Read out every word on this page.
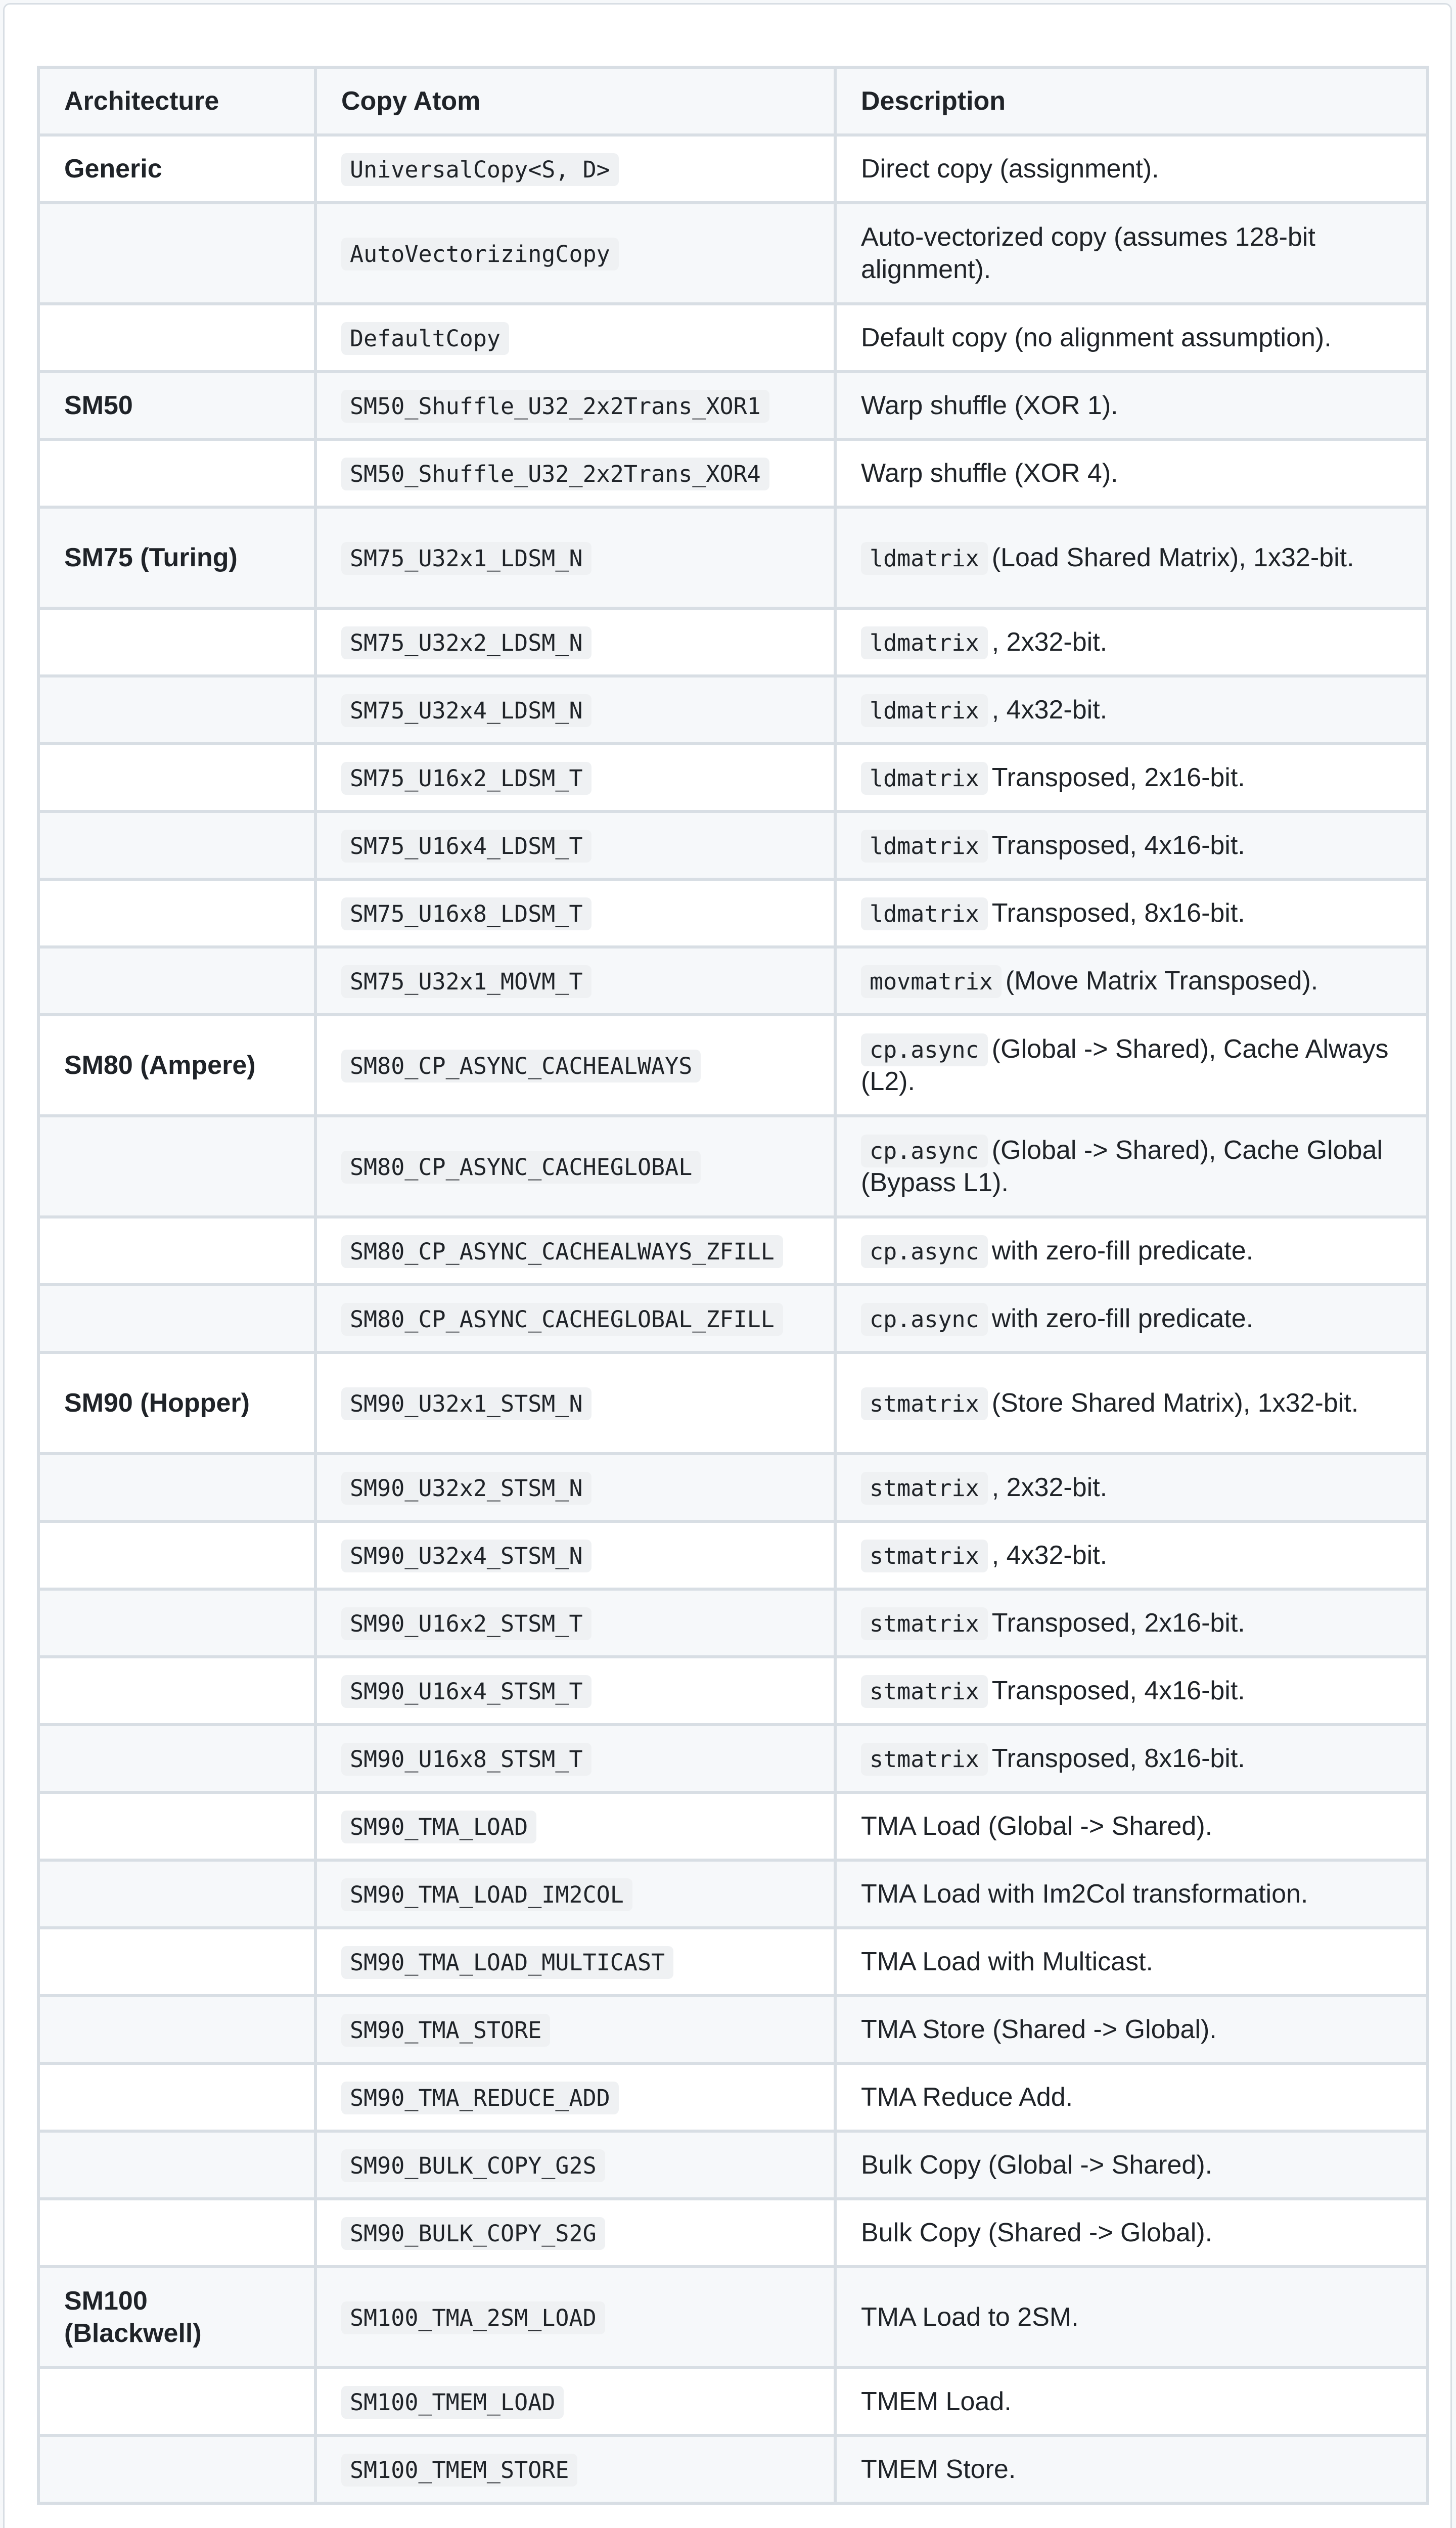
Architecture	Copy Atom	Description
Generic	UniversalCopy<S, D>	Direct copy (assignment).
	AutoVectorizingCopy	Auto-vectorized copy (assumes 128-bit alignment).
	DefaultCopy	Default copy (no alignment assumption).
SM50	SM50_Shuffle_U32_2x2Trans_XOR1	Warp shuffle (XOR 1).
	SM50_Shuffle_U32_2x2Trans_XOR4	Warp shuffle (XOR 4).
SM75 (Turing)	SM75_U32x1_LDSM_N	ldmatrix (Load Shared Matrix), 1x32-bit.
	SM75_U32x2_LDSM_N	ldmatrix , 2x32-bit.
	SM75_U32x4_LDSM_N	ldmatrix , 4x32-bit.
	SM75_U16x2_LDSM_T	ldmatrix Transposed, 2x16-bit.
	SM75_U16x4_LDSM_T	ldmatrix Transposed, 4x16-bit.
	SM75_U16x8_LDSM_T	ldmatrix Transposed, 8x16-bit.
	SM75_U32x1_MOVM_T	movmatrix (Move Matrix Transposed).
SM80 (Ampere)	SM80_CP_ASYNC_CACHEALWAYS	cp.async (Global -> Shared), Cache Always (L2).
	SM80_CP_ASYNC_CACHEGLOBAL	cp.async (Global -> Shared), Cache Global (Bypass L1).
	SM80_CP_ASYNC_CACHEALWAYS_ZFILL	cp.async with zero-fill predicate.
	SM80_CP_ASYNC_CACHEGLOBAL_ZFILL	cp.async with zero-fill predicate.
SM90 (Hopper)	SM90_U32x1_STSM_N	stmatrix (Store Shared Matrix), 1x32-bit.
	SM90_U32x2_STSM_N	stmatrix , 2x32-bit.
	SM90_U32x4_STSM_N	stmatrix , 4x32-bit.
	SM90_U16x2_STSM_T	stmatrix Transposed, 2x16-bit.
	SM90_U16x4_STSM_T	stmatrix Transposed, 4x16-bit.
	SM90_U16x8_STSM_T	stmatrix Transposed, 8x16-bit.
	SM90_TMA_LOAD	TMA Load (Global -> Shared).
	SM90_TMA_LOAD_IM2COL	TMA Load with Im2Col transformation.
	SM90_TMA_LOAD_MULTICAST	TMA Load with Multicast.
	SM90_TMA_STORE	TMA Store (Shared -> Global).
	SM90_TMA_REDUCE_ADD	TMA Reduce Add.
	SM90_BULK_COPY_G2S	Bulk Copy (Global -> Shared).
	SM90_BULK_COPY_S2G	Bulk Copy (Shared -> Global).
SM100 (Blackwell)	SM100_TMA_2SM_LOAD	TMA Load to 2SM.
	SM100_TMEM_LOAD	TMEM Load.
	SM100_TMEM_STORE	TMEM Store.
